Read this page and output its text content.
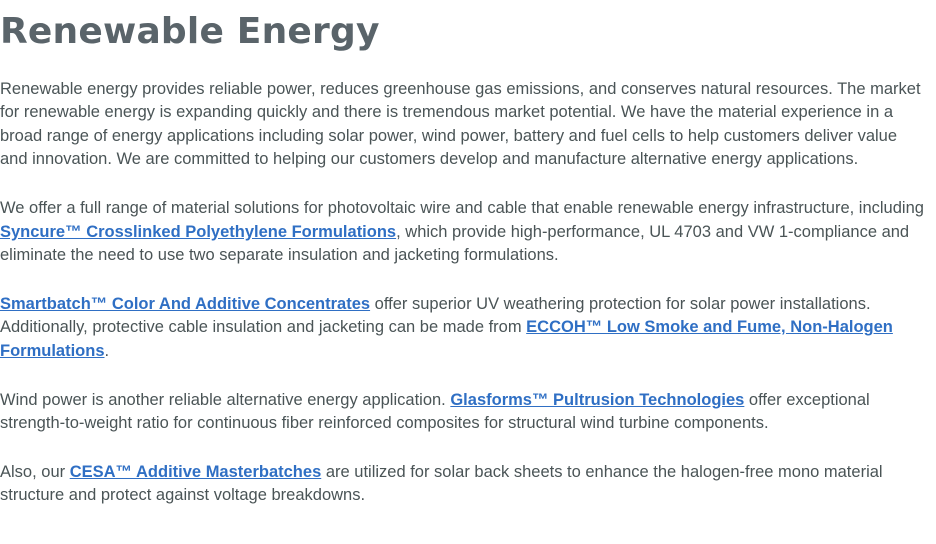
Renewable Energy

Renewable energy provides reliable power, reduces greenhouse gas emissions, and conserves natural resources. The market for renewable energy is expanding quickly and there is tremendous market potential. We have the material experience in a broad range of energy applications including solar power, wind power, battery and fuel cells to help customers deliver value and innovation. We are committed to helping our customers develop and manufacture alternative energy applications.

We offer a full range of material solutions for photovoltaic wire and cable that enable renewable energy infrastructure, including Syncure™ Crosslinked Polyethylene Formulations, which provide high-performance, UL 4703 and VW 1-compliance and eliminate the need to use two separate insulation and jacketing formulations.

Smartbatch™ Color And Additive Concentrates offer superior UV weathering protection for solar power installations. Additionally, protective cable insulation and jacketing can be made from ECCOH™ Low Smoke and Fume, Non-Halogen Formulations.

Wind power is another reliable alternative energy application. Glasforms™ Pultrusion Technologies offer exceptional strength-to-weight ratio for continuous fiber reinforced composites for structural wind turbine components.

Also, our CESA™ Additive Masterbatches are utilized for solar back sheets to enhance the halogen-free mono material structure and protect against voltage breakdowns.
